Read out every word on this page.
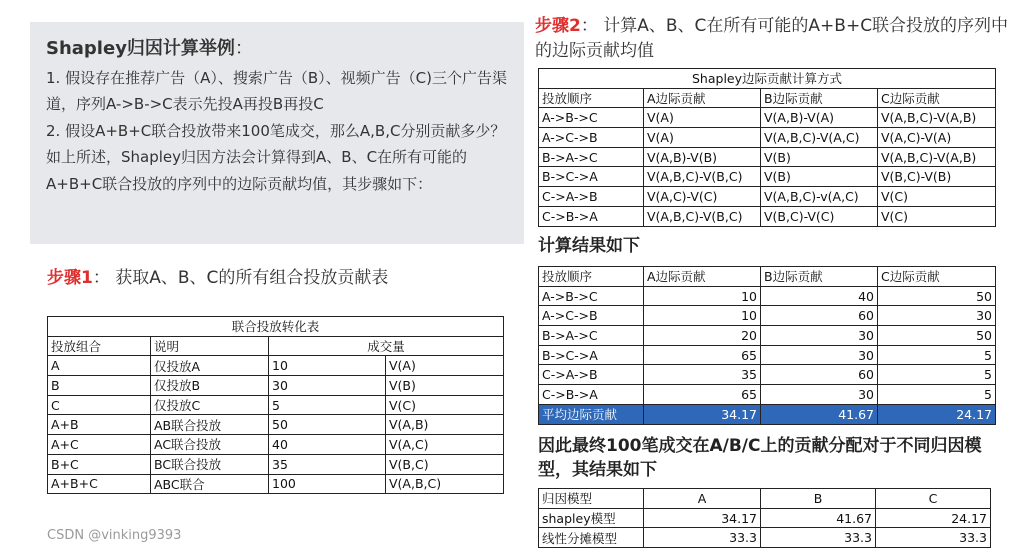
Shapley归因计算举例：
1. 假设存在推荐广告（A）、搜索广告（B）、视频广告（C)三个广告渠道，序列A->B->C表示先投A再投B再投C
2. 假设A+B+C联合投放带来100笔成交，那么A,B,C分别贡献多少？
如上所述，Shapley归因方法会计算得到A、B、C在所有可能的A+B+C联合投放的序列中的边际贡献均值，其步骤如下：
步骤1： 获取A、B、C的所有组合投放贡献表
步骤2： 计算A、B、C在所有可能的A+B+C联合投放的序列中的边际贡献均值
联合投放转化表			
投放组合	说明	成交量	
A	仅投放A	10	V(A)
B	仅投放B	30	V(B)
C	仅投放C	5	V(C)
A+B	AB联合投放	50	V(A,B)
A+C	AC联合投放	40	V(A,C)
B+C	BC联合投放	35	V(B,C)
A+B+C	ABC联合	100	V(A,B,C)
Shapley边际贡献计算方式			
投放顺序	A边际贡献	B边际贡献	C边际贡献
A->B->C	V(A)	V(A,B)-V(A)	V(A,B,C)-V(A,B)
A->C->B	V(A)	V(A,B,C)-V(A,C)	V(A,C)-V(A)
B->A->C	V(A,B)-V(B)	V(B)	V(A,B,C)-V(A,B)
B->C->A	V(A,B,C)-V(B,C)	V(B)	V(B,C)-V(B)
C->A->B	V(A,C)-V(C)	V(A,B,C)-v(A,C)	V(C)
C->B->A	V(A,B,C)-V(B,C)	V(B,C)-V(C)	V(C)
计算结果如下
投放顺序	A边际贡献	B边际贡献	C边际贡献
A->B->C	10	40	50
A->C->B	10	60	30
B->A->C	20	30	50
B->C->A	65	30	5
C->A->B	35	60	5
C->B->A	65	30	5
平均边际贡献	34.17	41.67	24.17
因此最终100笔成交在A/B/C上的贡献分配对于不同归因模型，其结果如下
归因模型	A	B	C
shapley模型	34.17	41.67	24.17
线性分摊模型	33.3	33.3	33.3
CSDN @vinking9393
